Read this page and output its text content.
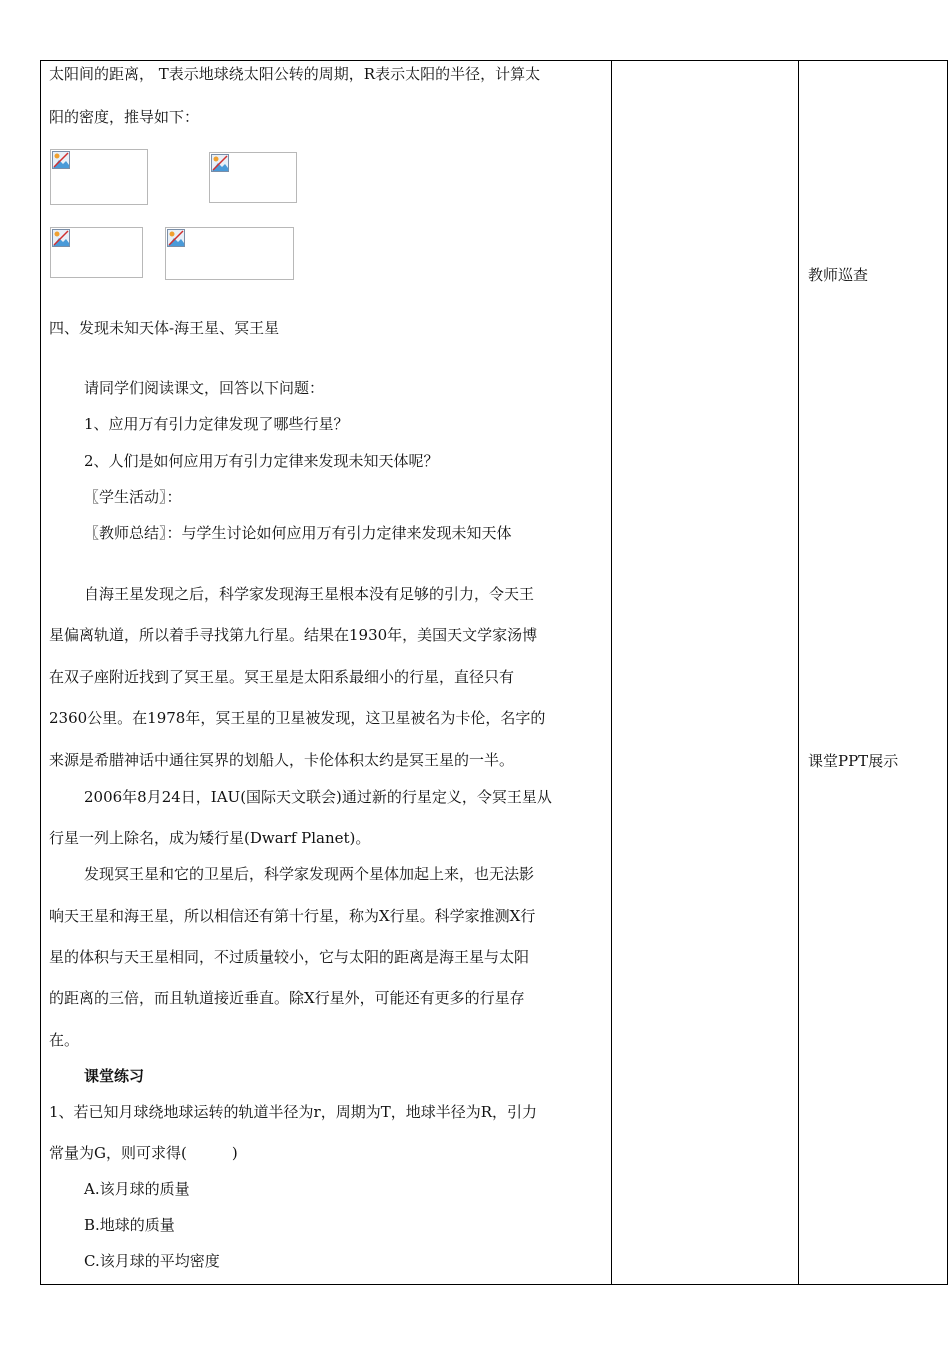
太阳间的距离， T表示地球绕太阳公转的周期，R表示太阳的半径，计算太
阳的密度，推导如下：
四、发现未知天体-海王星、冥王星
请同学们阅读课文，回答以下问题：
1、应用万有引力定律发现了哪些行星？
2、人们是如何应用万有引力定律来发现未知天体呢？
〖学生活动〗：
〖教师总结〗：与学生讨论如何应用万有引力定律来发现未知天体
自海王星发现之后，科学家发现海王星根本没有足够的引力，令天王
星偏离轨道，所以着手寻找第九行星。结果在1930年，美国天文学家汤博
在双子座附近找到了冥王星。冥王星是太阳系最细小的行星，直径只有
2360公里。在1978年，冥王星的卫星被发现，这卫星被名为卡伦，名字的
来源是希腊神话中通往冥界的划船人，卡伦体积太约是冥王星的一半。
2006年8月24日，IAU(国际天文联会)通过新的行星定义，令冥王星从
行星一列上除名，成为矮行星(Dwarf Planet)。
发现冥王星和它的卫星后，科学家发现两个星体加起上来，也无法影
响天王星和海王星，所以相信还有第十行星，称为X行星。科学家推测X行
星的体积与天王星相同，不过质量较小，它与太阳的距离是海王星与太阳
的距离的三倍，而且轨道接近垂直。除X行星外，可能还有更多的行星存
在。
课堂练习
1、若已知月球绕地球运转的轨道半径为r，周期为T，地球半径为R，引力
常量为G，则可求得(　　　)
A.该月球的质量
B.地球的质量
C.该月球的平均密度
教师巡查
课堂PPT展示
